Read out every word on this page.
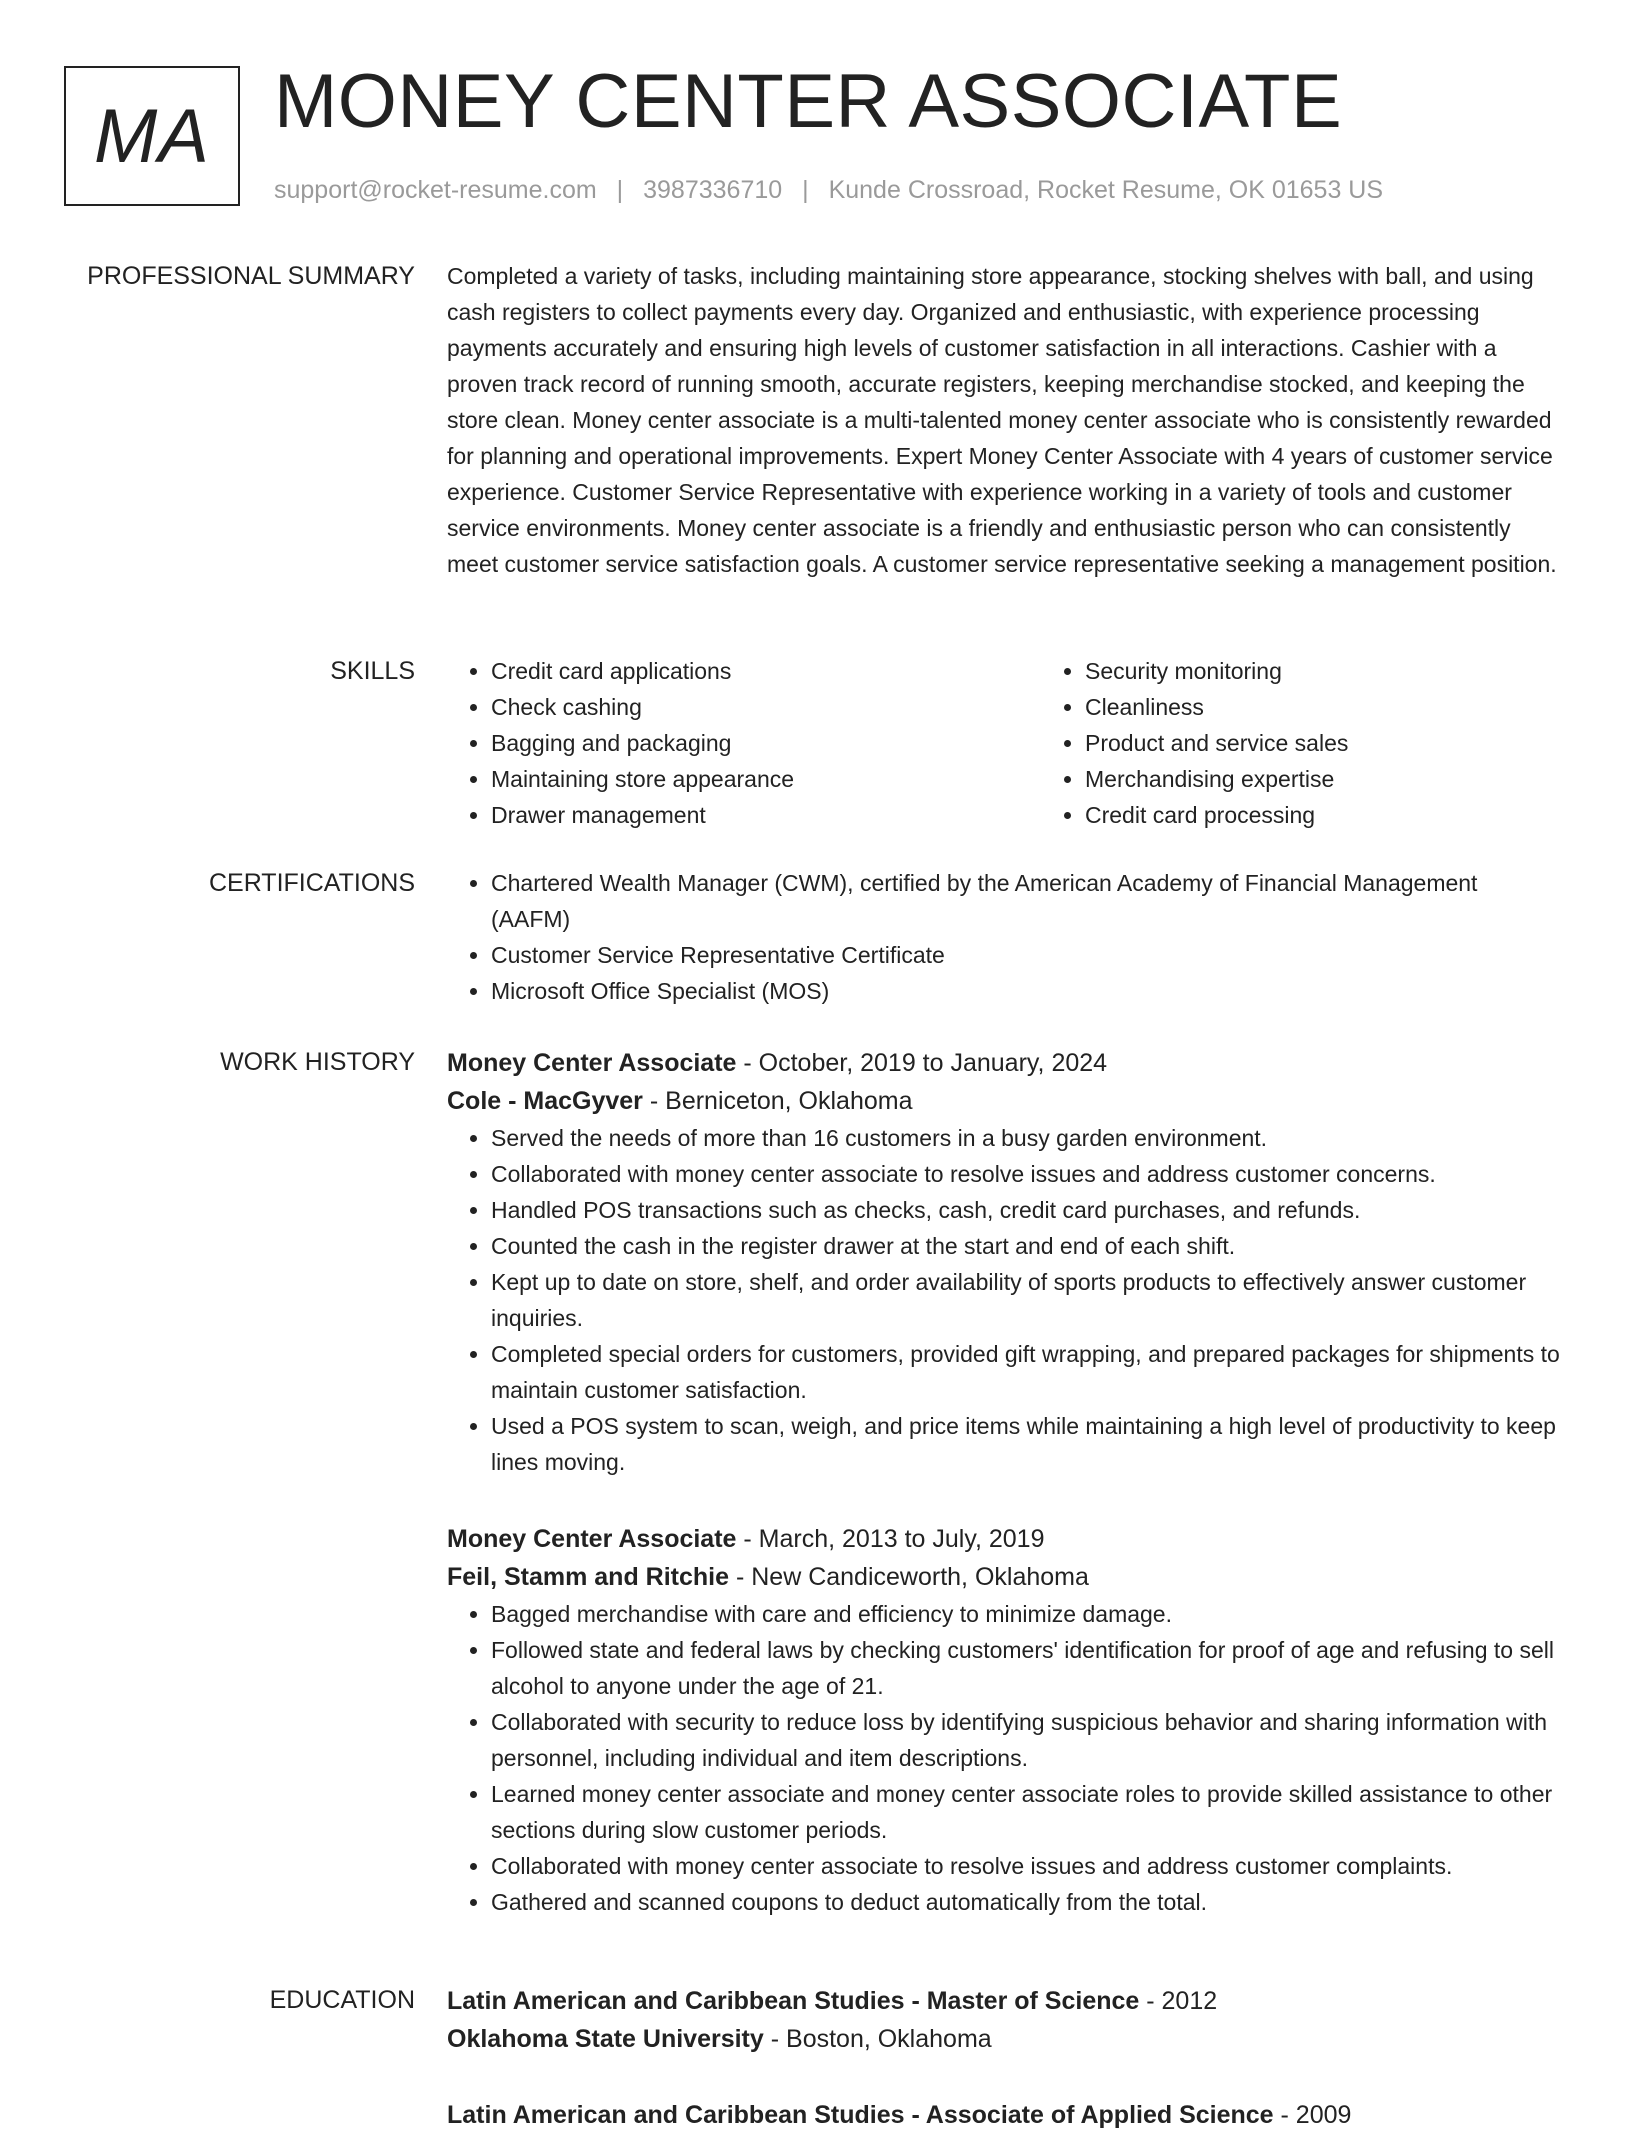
MA MONEY CENTER ASSOCIATE
support@rocket-resume.com | 3987336710 | Kunde Crossroad, Rocket Resume, OK 01653 US
PROFESSIONAL SUMMARY Completed a variety of tasks, including maintaining store appearance, stocking shelves with ball, and using cash registers to collect payments every day. Organized and enthusiastic, with experience processing payments accurately and ensuring high levels of customer satisfaction in all interactions. Cashier with a proven track record of running smooth, accurate registers, keeping merchandise stocked, and keeping the store clean. Money center associate is a multi-talented money center associate who is consistently rewarded for planning and operational improvements. Expert Money Center Associate with 4 years of customer service experience. Customer Service Representative with experience working in a variety of tools and customer service environments. Money center associate is a friendly and enthusiastic person who can consistently meet customer service satisfaction goals. A customer service representative seeking a management position.

SKILLS	• Credit card applications
• Check cashing
• Bagging and packaging
• Maintaining store appearance
• Drawer management
• Security monitoring
• Cleanliness
• Product and service sales
• Merchandising expertise
• Credit card processing
CERTIFICATIONS	• Chartered Wealth Manager (CWM), certified by the American Academy of Financial Management (AAFM)
• Customer Service Representative Certificate
• Microsoft Office Specialist (MOS)
WORK HISTORY Money Center Associate - October, 2019 to January, 2024
Cole - MacGyver - Berniceton, Oklahoma
• Served the needs of more than 16 customers in a busy garden environment.
• Collaborated with money center associate to resolve issues and address customer concerns.
• Handled POS transactions such as checks, cash, credit card purchases, and refunds.
• Counted the cash in the register drawer at the start and end of each shift.
• Kept up to date on store, shelf, and order availability of sports products to effectively answer customer inquiries.
• Completed special orders for customers, provided gift wrapping, and prepared packages for shipments to maintain customer satisfaction.
• Used a POS system to scan, weigh, and price items while maintaining a high level of productivity to keep lines moving.
Money Center Associate - March, 2013 to July, 2019
Feil, Stamm and Ritchie - New Candiceworth, Oklahoma
• Bagged merchandise with care and efficiency to minimize damage.
• Followed state and federal laws by checking customers' identification for proof of age and refusing to sell alcohol to anyone under the age of 21.
• Collaborated with security to reduce loss by identifying suspicious behavior and sharing information with personnel, including individual and item descriptions.
• Learned money center associate and money center associate roles to provide skilled assistance to other sections during slow customer periods.
• Collaborated with money center associate to resolve issues and address customer complaints.
• Gathered and scanned coupons to deduct automatically from the total.
EDUCATION Latin American and Caribbean Studies - Master of Science - 2012
Oklahoma State University - Boston, Oklahoma
Latin American and Caribbean Studies - Associate of Applied Science - 2009
